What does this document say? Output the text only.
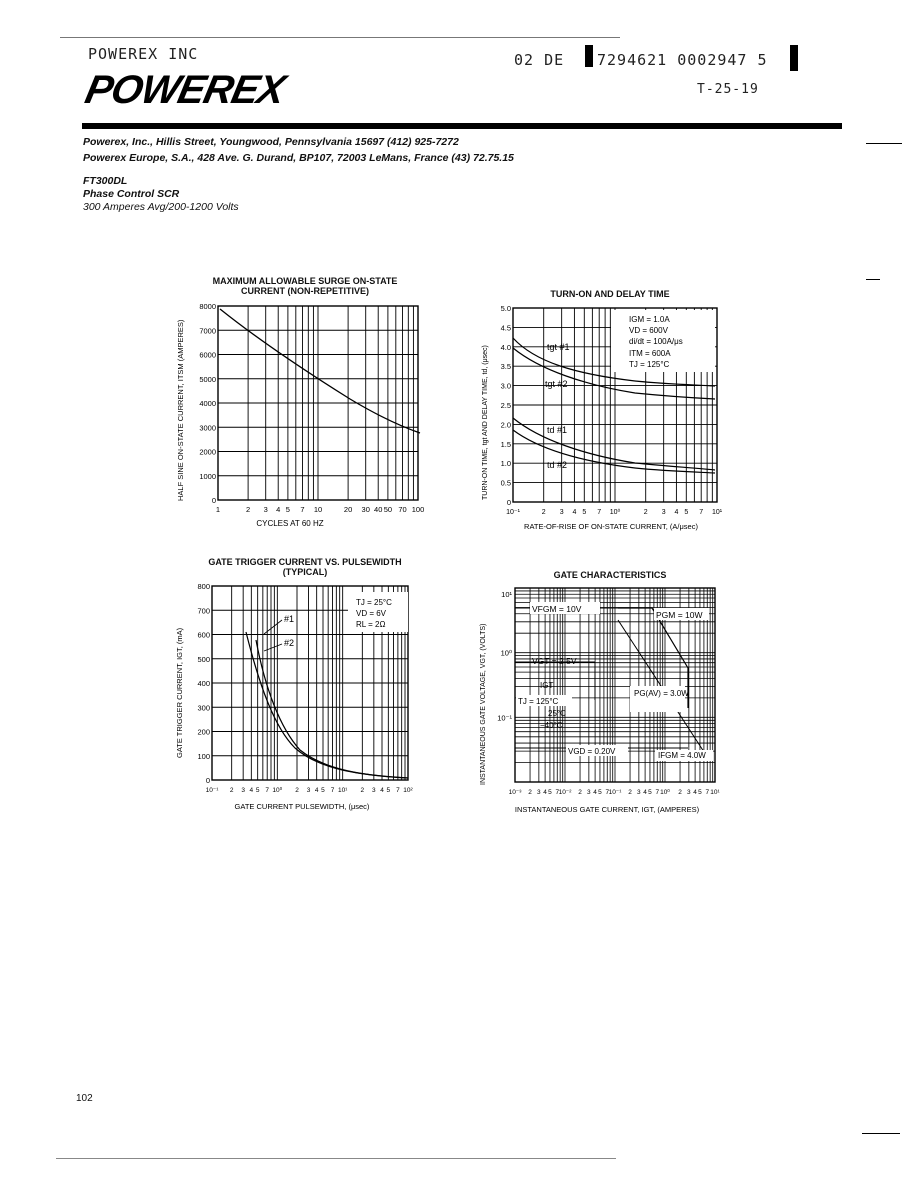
POWEREX INC	02 DE 7294621 0002947 5
T-25-19
POWEREX
Powerex, Inc., Hillis Street, Youngwood, Pennsylvania 15697 (412) 925-7272
Powerex Europe, S.A., 428 Ave. G. Durand, BP107, 72003 LeMans, France (43) 72.75.15
FT300DL
Phase Control SCR
300 Amperes Avg/200-1200 Volts
MAXIMUM ALLOWABLE SURGE ON-STATE
CURRENT (NON-REPETITIVE)
0
1000
2000
3000
4000
5000
6000
7000
8000
1	2 3 4 5 7 10	20 30 40 50 70 100
HALF SINE ON-STATE CURRENT, ITSM (AMPERES)
CYCLES AT 60 HZ
TURN-ON AND DELAY TIME
0
0.5
1.0
1.5
2.0
2.5
3.0
3.5
4.0
4.5
5.0
10⁻¹	2 3 4 5 7 10⁰	2 3 4 5 7 10¹
tgt #1
tgt #2
td #1
td #2
IGM = 1.0A
VD = 600V
di/dt = 100A/μs
ITM = 600A
TJ = 125°C
TURN-ON TIME, tgt AND DELAY TIME, td, (μsec)
RATE-OF-RISE OF ON-STATE CURRENT, (A/μsec)
GATE TRIGGER CURRENT VS. PULSEWIDTH
(TYPICAL)
0
100
200
300
400
500
600
700
800
10⁻¹ 2 3 4 5 7 10⁰ 2 3 4 5 7 10¹ 2 3 4 5 7 10²
#1
#2
TJ = 25°C
VD = 6V
RL = 2Ω
GATE TRIGGER CURRENT, IGT, (mA)
GATE CURRENT PULSEWIDTH, (μsec)
GATE CHARACTERISTICS
10⁻¹
10⁰
10¹
10⁻³ 2 3 4 5 7 10⁻² 2 3 4 5 7 10⁻¹ 2 3 4 5 7 10⁰ 2 3 4 5 7 10¹
VFGM = 10V
PGM = 10W
VGT = 2.5V
IGT
TJ = 125°C
25°C
−40°C
PG(AV) = 3.0W
VGD = 0.20V	IFGM = 4.0W
INSTANTANEOUS GATE VOLTAGE, VGT, (VOLTS)
INSTANTANEOUS GATE CURRENT, IGT, (AMPERES)
102
